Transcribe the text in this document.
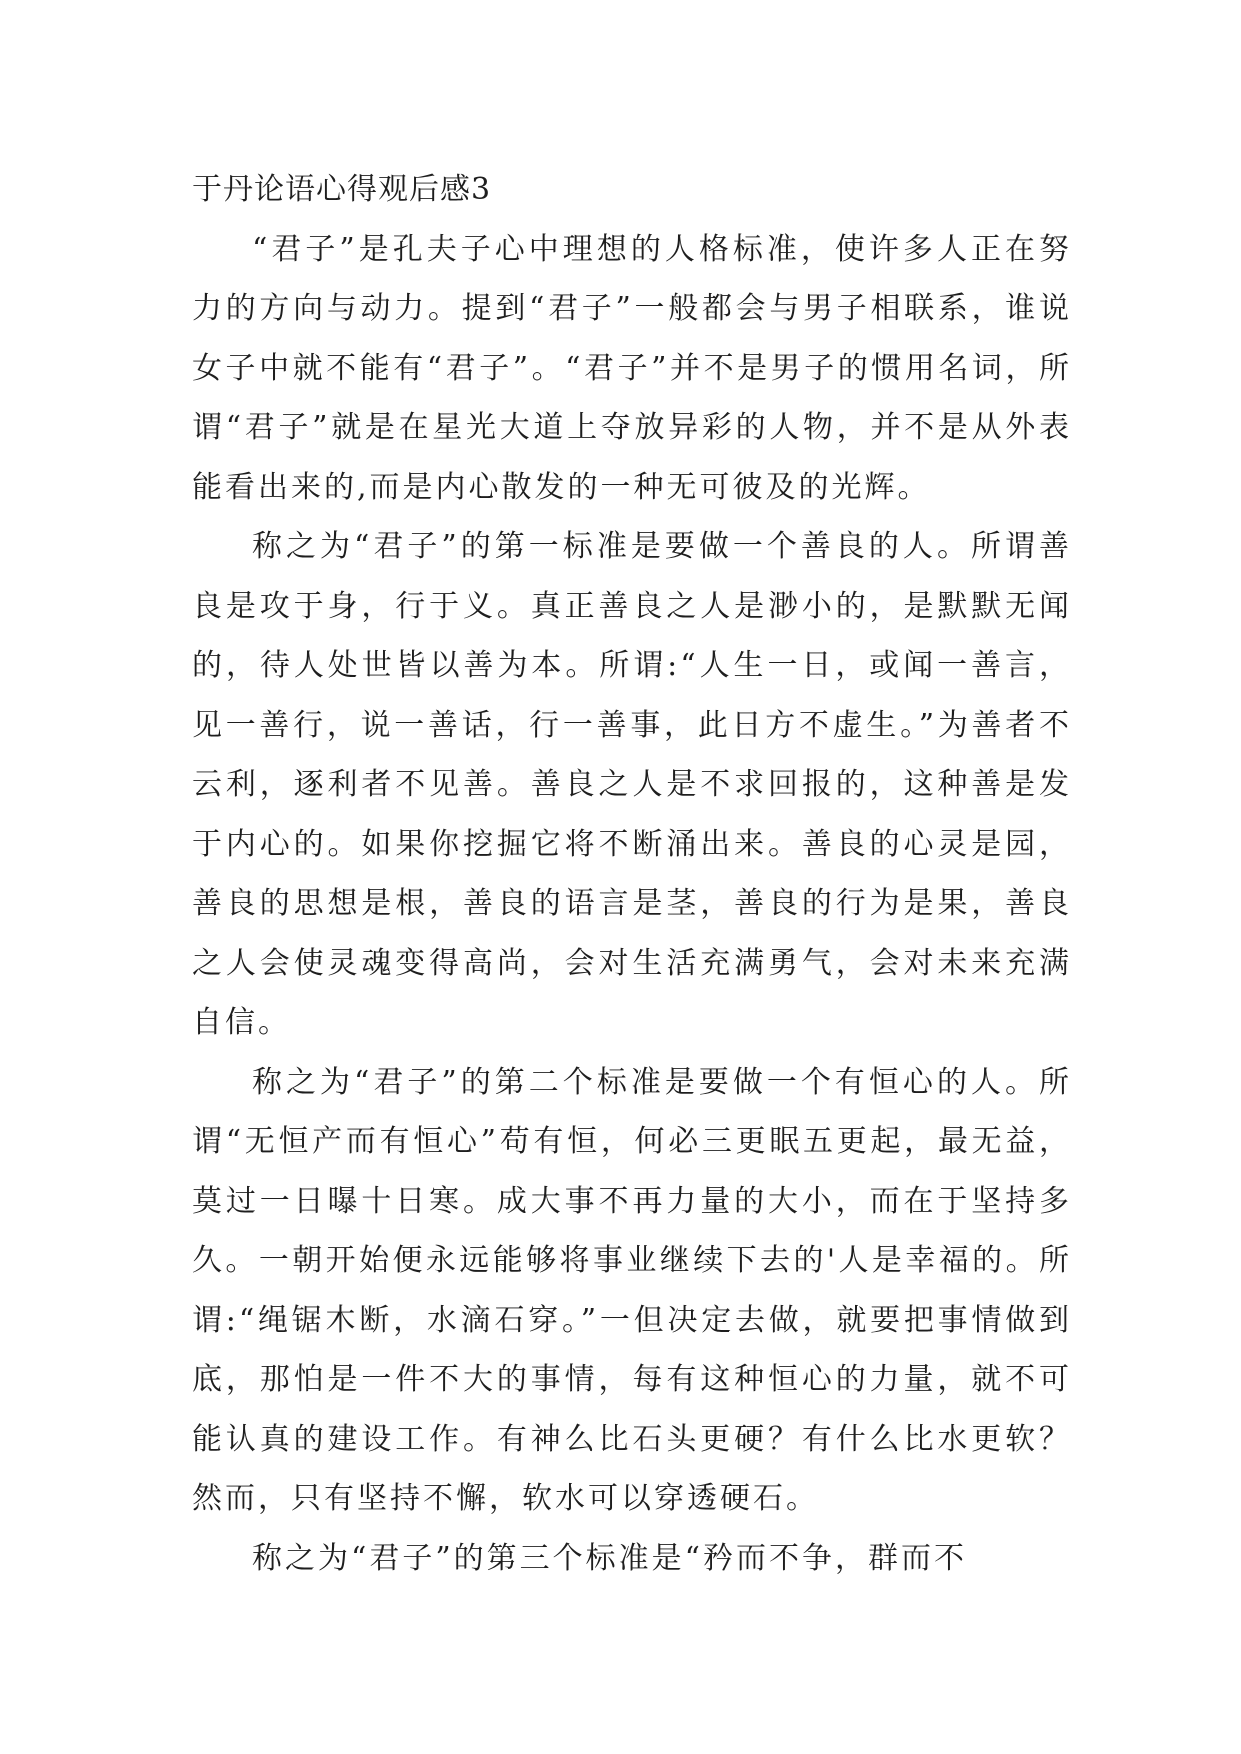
于丹论语心得观后感3

“君子”是孔夫子心中理想的人格标准，使许多人正在努力的方向与动力。提到“君子”一般都会与男子相联系，谁说女子中就不能有“君子”。“君子”并不是男子的惯用名词，所谓“君子”就是在星光大道上夺放异彩的人物，并不是从外表能看出来的,而是内心散发的一种无可彼及的光辉。

称之为“君子”的第一标准是要做一个善良的人。所谓善良是攻于身，行于义。真正善良之人是渺小的，是默默无闻的，待人处世皆以善为本。所谓:“人生一日，或闻一善言，见一善行，说一善话，行一善事，此日方不虚生。”为善者不云利，逐利者不见善。善良之人是不求回报的，这种善是发于内心的。如果你挖掘它将不断涌出来。善良的心灵是园，善良的思想是根，善良的语言是茎，善良的行为是果，善良之人会使灵魂变得高尚，会对生活充满勇气，会对未来充满自信。

称之为“君子”的第二个标准是要做一个有恒心的人。所谓“无恒产而有恒心”苟有恒，何必三更眠五更起，最无益，莫过一日曝十日寒。成大事不再力量的大小，而在于坚持多久。一朝开始便永远能够将事业继续下去的'人是幸福的。所谓:“绳锯木断，水滴石穿。”一但决定去做，就要把事情做到底，那怕是一件不大的事情，每有这种恒心的力量，就不可能认真的建设工作。有神么比石头更硬？有什么比水更软？然而，只有坚持不懈，软水可以穿透硬石。

称之为“君子”的第三个标准是“矜而不争，群而不
